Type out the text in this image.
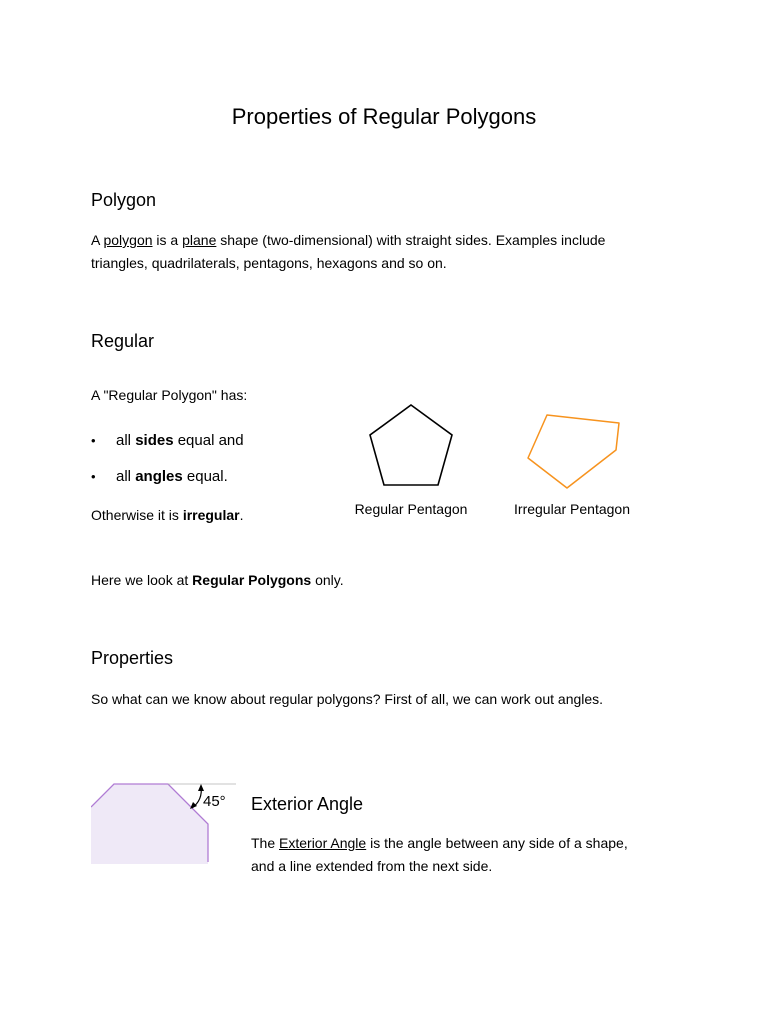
Properties of Regular Polygons
Polygon

A polygon is a plane shape (two-dimensional) with straight sides. Examples include triangles, quadrilaterals, pentagons, hexagons and so on.

Regular

A "Regular Polygon" has:

• all sides equal and
• all angles equal.

Otherwise it is irregular.	Regular Pentagon	Irregular Pentagon

Here we look at Regular Polygons only.

Properties

So what can we know about regular polygons? First of all, we can work out angles.

45° Exterior Angle

The Exterior Angle is the angle between any side of a shape, and a line extended from the next side.
